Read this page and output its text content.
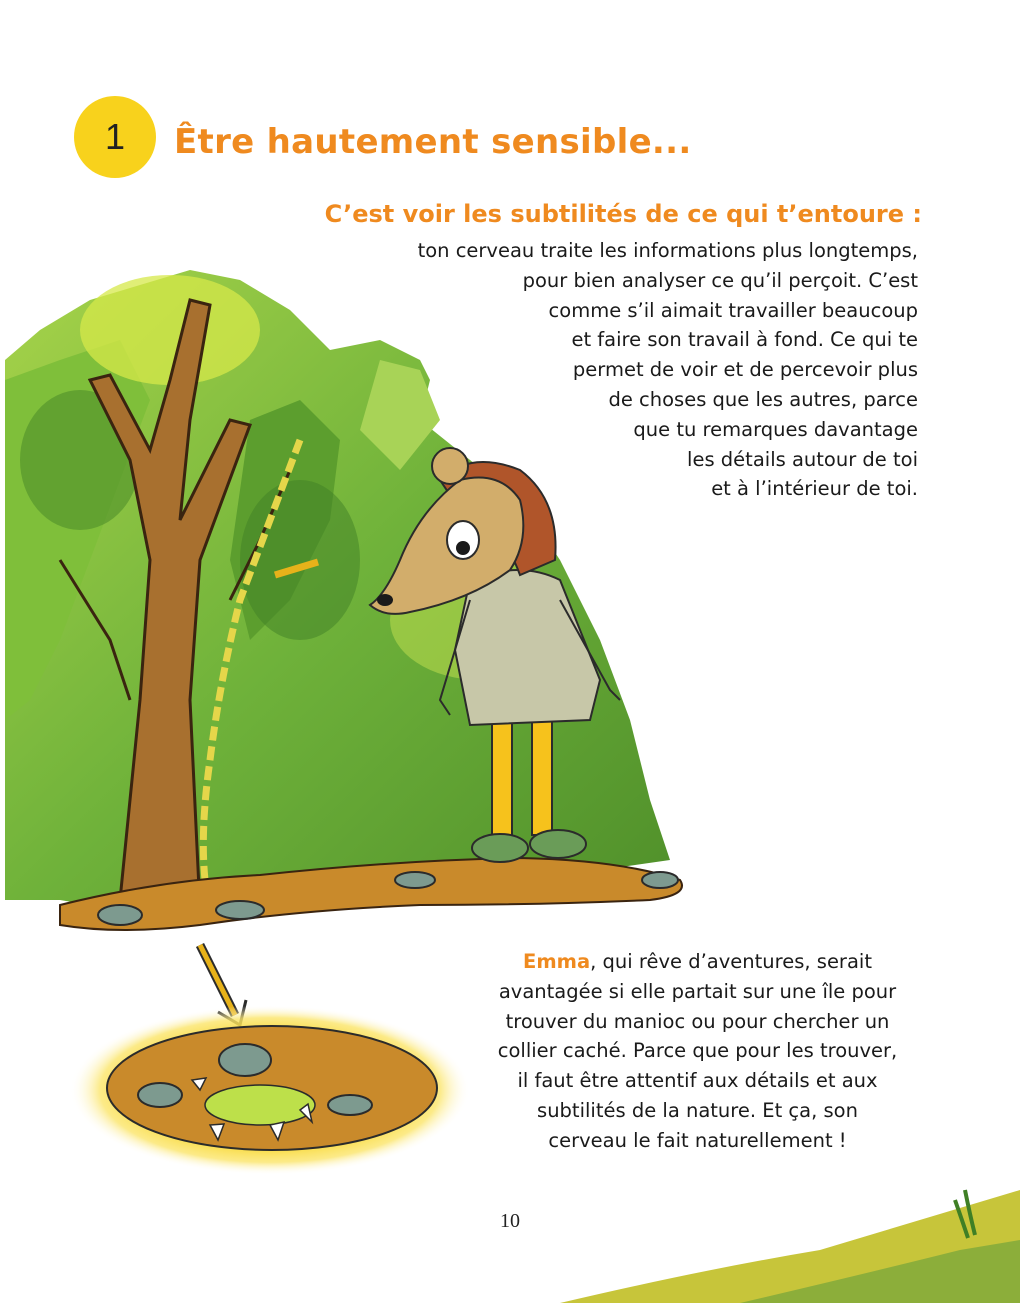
1 Être hautement sensible...
C’est voir les subtilités de ce qui t’entoure :

ton cerveau traite les informations plus longtemps,
pour bien analyser ce qu’il perçoit. C’est
comme s’il aimait travailler beaucoup
et faire son travail à fond. Ce qui te
permet de voir et de percevoir plus
de choses que les autres, parce
que tu remarques davantage
les détails autour de toi
et à l’intérieur de toi.

Emma, qui rêve d’aventures, serait
avantagée si elle partait sur une île pour
trouver du manioc ou pour chercher un
collier caché. Parce que pour les trouver,
il faut être attentif aux détails et aux
subtilités de la nature. Et ça, son
cerveau le fait naturellement !

10
